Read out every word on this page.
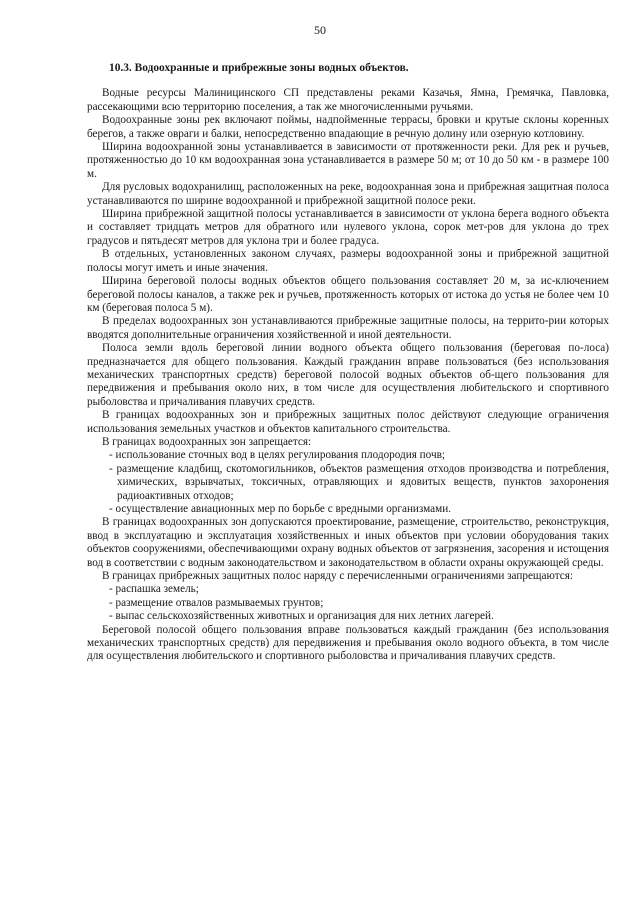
50
10.3. Водоохранные и прибрежные зоны водных объектов.

Водные ресурсы Малиницинского СП представлены реками Казачья, Ямна, Гремячка, Павловка, рассекающими всю территорию поселения, а так же многочисленными ручьями.

Водоохранные зоны рек включают поймы, надпойменные террасы, бровки и крутые склоны коренных берегов, а также овраги и балки, непосредственно впадающие в речную долину или озерную котловину.

Ширина водоохранной зоны устанавливается в зависимости от протяженности реки. Для рек и ручьев, протяженностью до 10 км водоохранная зона устанавливается в размере 50 м; от 10 до 50 км - в размере 100 м.

Для русловых водохранилищ, расположенных на реке, водоохранная зона и прибрежная защитная полоса устанавливаются по ширине водоохранной и прибрежной защитной полосе реки.

Ширина прибрежной защитной полосы устанавливается в зависимости от уклона берега водного объекта и составляет тридцать метров для обратного или нулевого уклона, сорок мет-ров для уклона до трех градусов и пятьдесят метров для уклона три и более градуса.

В отдельных, установленных законом случаях, размеры водоохранной зоны и прибрежной защитной полосы могут иметь и иные значения.

Ширина береговой полосы водных объектов общего пользования составляет 20 м, за ис-ключением береговой полосы каналов, а также рек и ручьев, протяженность которых от истока до устья не более чем 10 км (береговая полоса 5 м).

В пределах водоохранных зон устанавливаются прибрежные защитные полосы, на террито-рии которых вводятся дополнительные ограничения хозяйственной и иной деятельности.

Полоса земли вдоль береговой линии водного объекта общего пользования (береговая по-лоса) предназначается для общего пользования. Каждый гражданин вправе пользоваться (без использования механических транспортных средств) береговой полосой водных объектов об-щего пользования для передвижения и пребывания около них, в том числе для осуществления любительского и спортивного рыболовства и причаливания плавучих средств.

В границах водоохранных зон и прибрежных защитных полос действуют следующие ограничения использования земельных участков и объектов капитального строительства.

В границах водоохранных зон запрещается:

- использование сточных вод в целях регулирования плодородия почв;
- размещение кладбищ, скотомогильников, объектов размещения отходов производства и потребления, химических, взрывчатых, токсичных, отравляющих и ядовитых веществ, пунктов захоронения радиоактивных отходов;
- осуществление авиационных мер по борьбе с вредными организмами.

В границах водоохранных зон допускаются проектирование, размещение, строительство, реконструкция, ввод в эксплуатацию и эксплуатация хозяйственных и иных объектов при условии оборудования таких объектов сооружениями, обеспечивающими охрану водных объектов от загрязнения, засорения и истощения вод в соответствии с водным законодательством и законодательством в области охраны окружающей среды.

В границах прибрежных защитных полос наряду с перечисленными ограничениями запрещаются:

- распашка земель;
- размещение отвалов размываемых грунтов;
- выпас сельскохозяйственных животных и организация для них летних лагерей.

Береговой полосой общего пользования вправе пользоваться каждый гражданин (без использования механических транспортных средств) для передвижения и пребывания около водного объекта, в том числе для осуществления любительского и спортивного рыболовства и причаливания плавучих средств.
